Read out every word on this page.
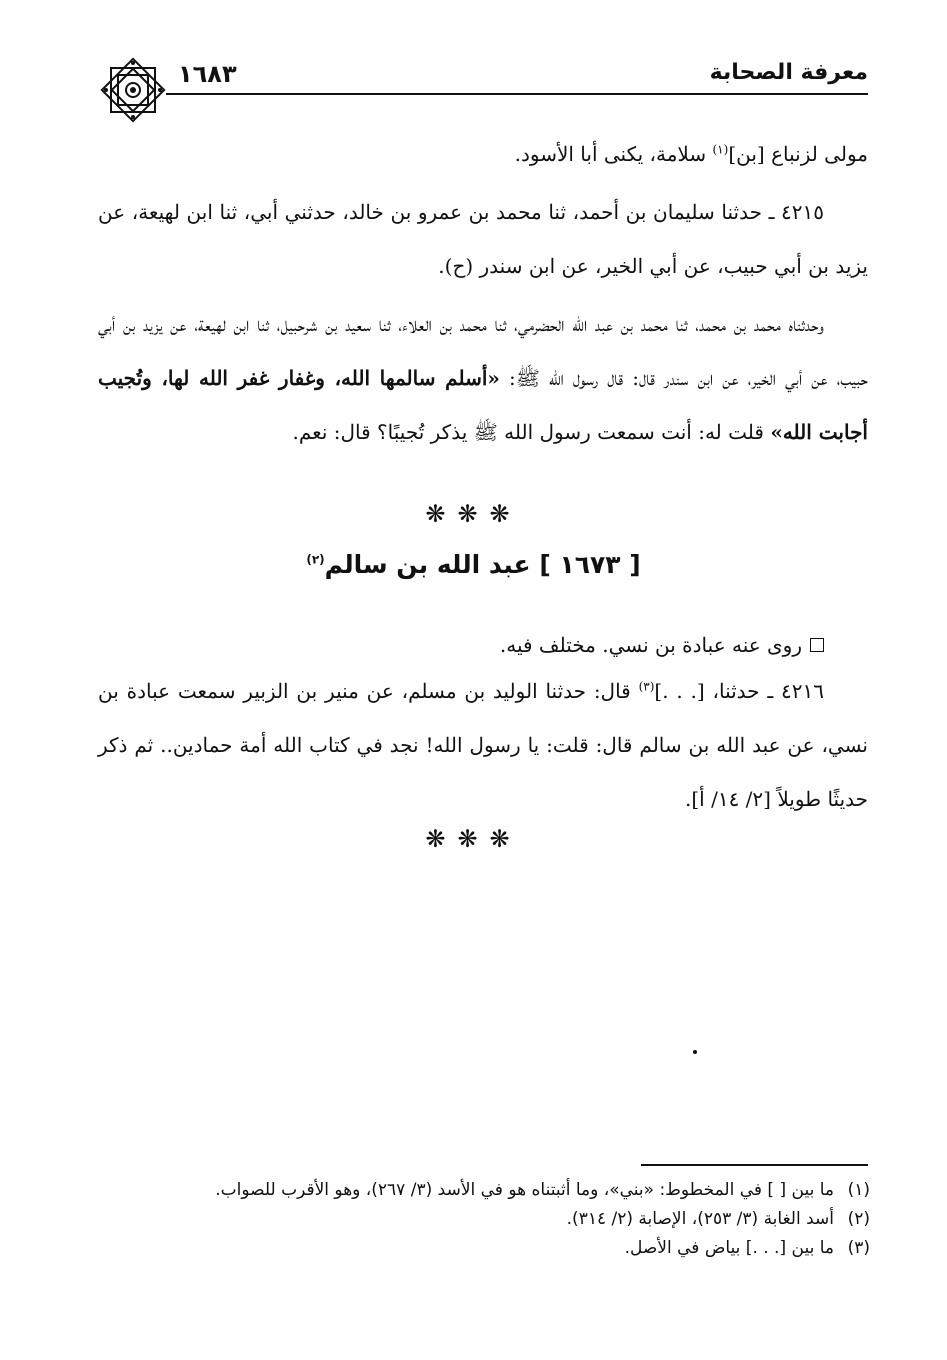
معرفة الصحابة
١٦٨٣
مولى لزنباع [بن]$^{(١)}$ سلامة، يكنى أبا الأسود.
٤٢١٥ ـ حدثنا سليمان بن أحمد، ثنا محمد بن عمرو بن خالد، حدثني أبي، ثنا ابن لهيعة، عن يزيد بن أبي حبيب، عن أبي الخير، عن ابن سندر (ح).
وحدثناه محمد بن محمد، ثنا محمد بن عبد الله الحضرمي، ثنا محمد بن العلاء، ثنا سعيد بن شرحبيل، ثنا ابن لهيعة، عن يزيد بن أبي حبيب، عن أبي الخير، عن ابن سندر قال: قال رسول الله ﷺ: «أسلم سالمها الله، وغفار غفر الله لها، وتُجيب أجابت الله» قلت له: أنت سمعت رسول الله ﷺ يذكر تُجيبًا؟ قال: نعم.
❋❋❋
[ ١٦٧٣ ] عبد الله بن سالم$^{(٢)}$
روى عنه عبادة بن نسي. مختلف فيه.
٤٢١٦ ـ حدثنا، [. . .]$^{(٣)}$ قال: حدثنا الوليد بن مسلم، عن منير بن الزبير سمعت عبادة بن نسي، عن عبد الله بن سالم قال: قلت: يا رسول الله! نجد في كتاب الله أمة حمادين.. ثم ذكر حديثًا طويلاً [٢/ ١٤/ أ].
❋❋❋
(١)ما بين [ ] في المخطوط: «بني»، وما أثبتناه هو في الأسد (٣/ ٢٦٧)، وهو الأقرب للصواب.
(٢)أسد الغابة (٣/ ٢٥٣)، الإصابة (٢/ ٣١٤).
(٣)ما بين [. . .] بياض في الأصل.
